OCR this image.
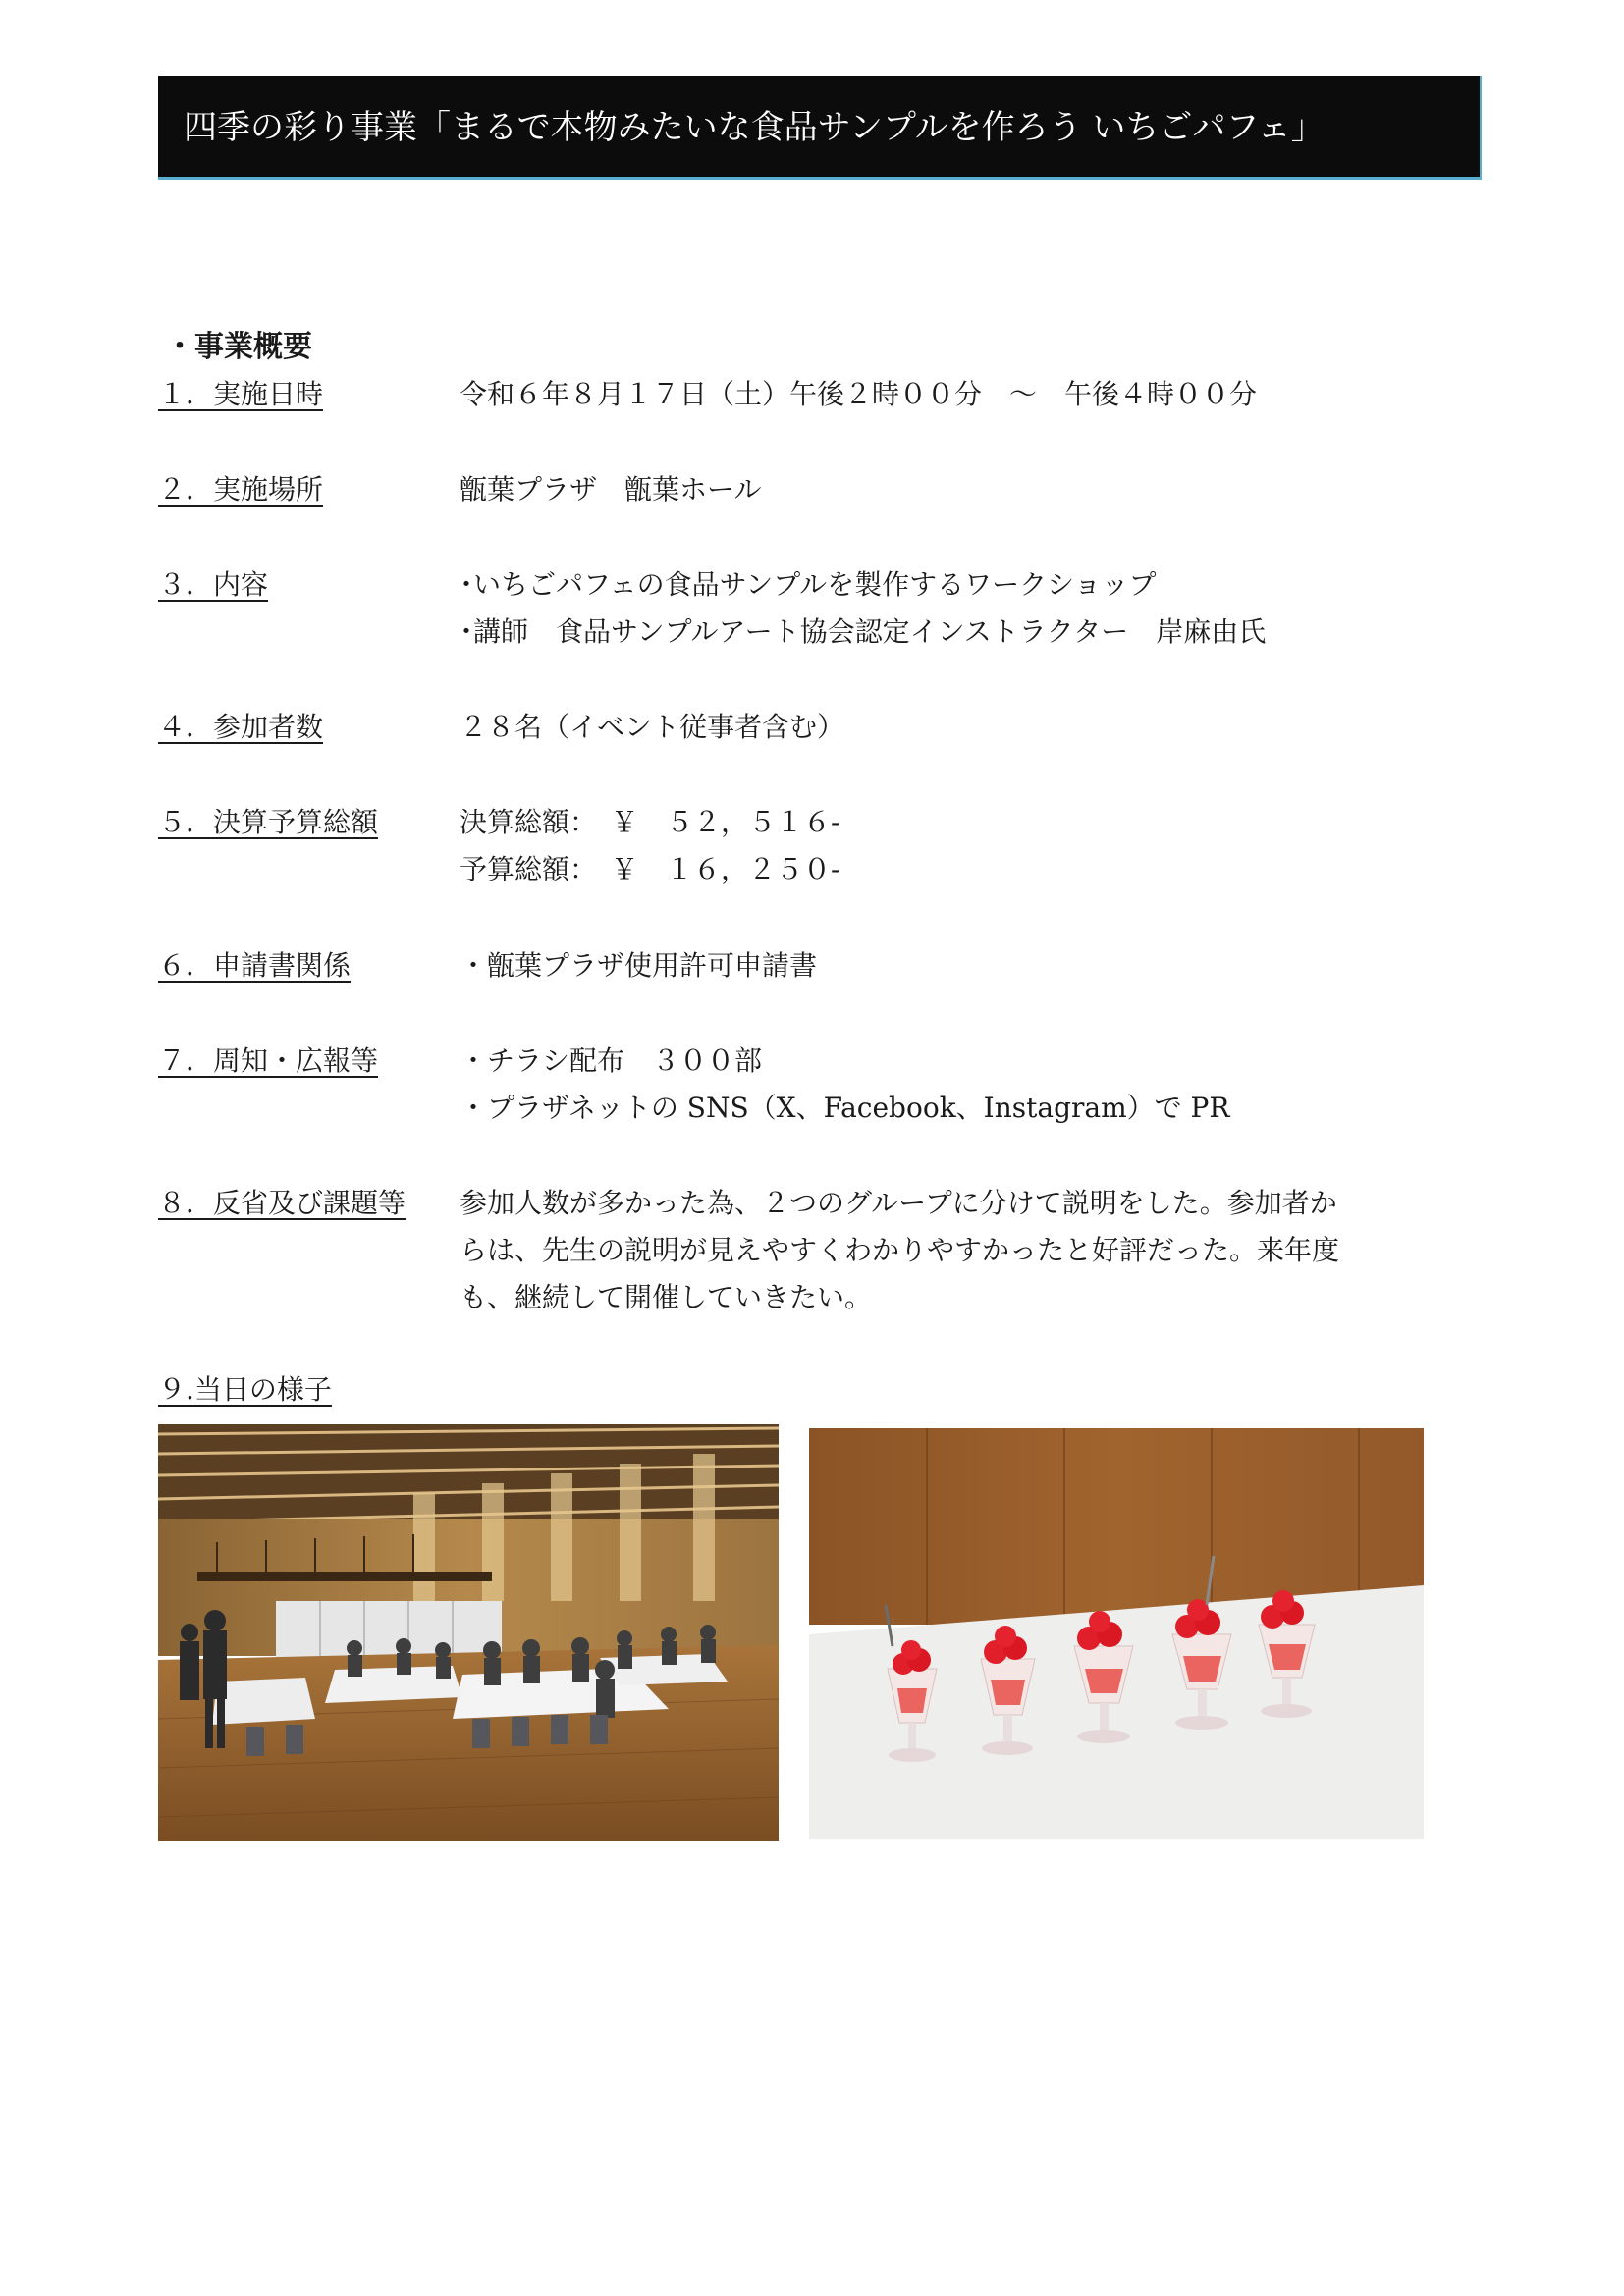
四季の彩り事業「まるで本物みたいな食品サンプルを作ろう いちごパフェ」
・事業概要
１．実施日時	令和６年８月１７日（土）午後２時００分　～　午後４時００分
２．実施場所	甑葉プラザ　甑葉ホール
３．内容	･いちごパフェの食品サンプルを製作するワークショップ
･講師　食品サンプルアート協会認定インストラクター　岸麻由氏
４．参加者数	２８名（イベント従事者含む）
５．決算予算総額	決算総額：　￥　５２，５１６-
予算総額：　￥　１６，２５０-
６．申請書関係	・甑葉プラザ使用許可申請書
７．周知・広報等	・チラシ配布　３００部
・プラザネットの SNS（X、Facebook、Instagram）で PR
８．反省及び課題等 参加人数が多かった為、２つのグループに分けて説明をした。参加者か
らは、先生の説明が見えやすくわかりやすかったと好評だった。来年度
も、継続して開催していきたい。
９.当日の様子
